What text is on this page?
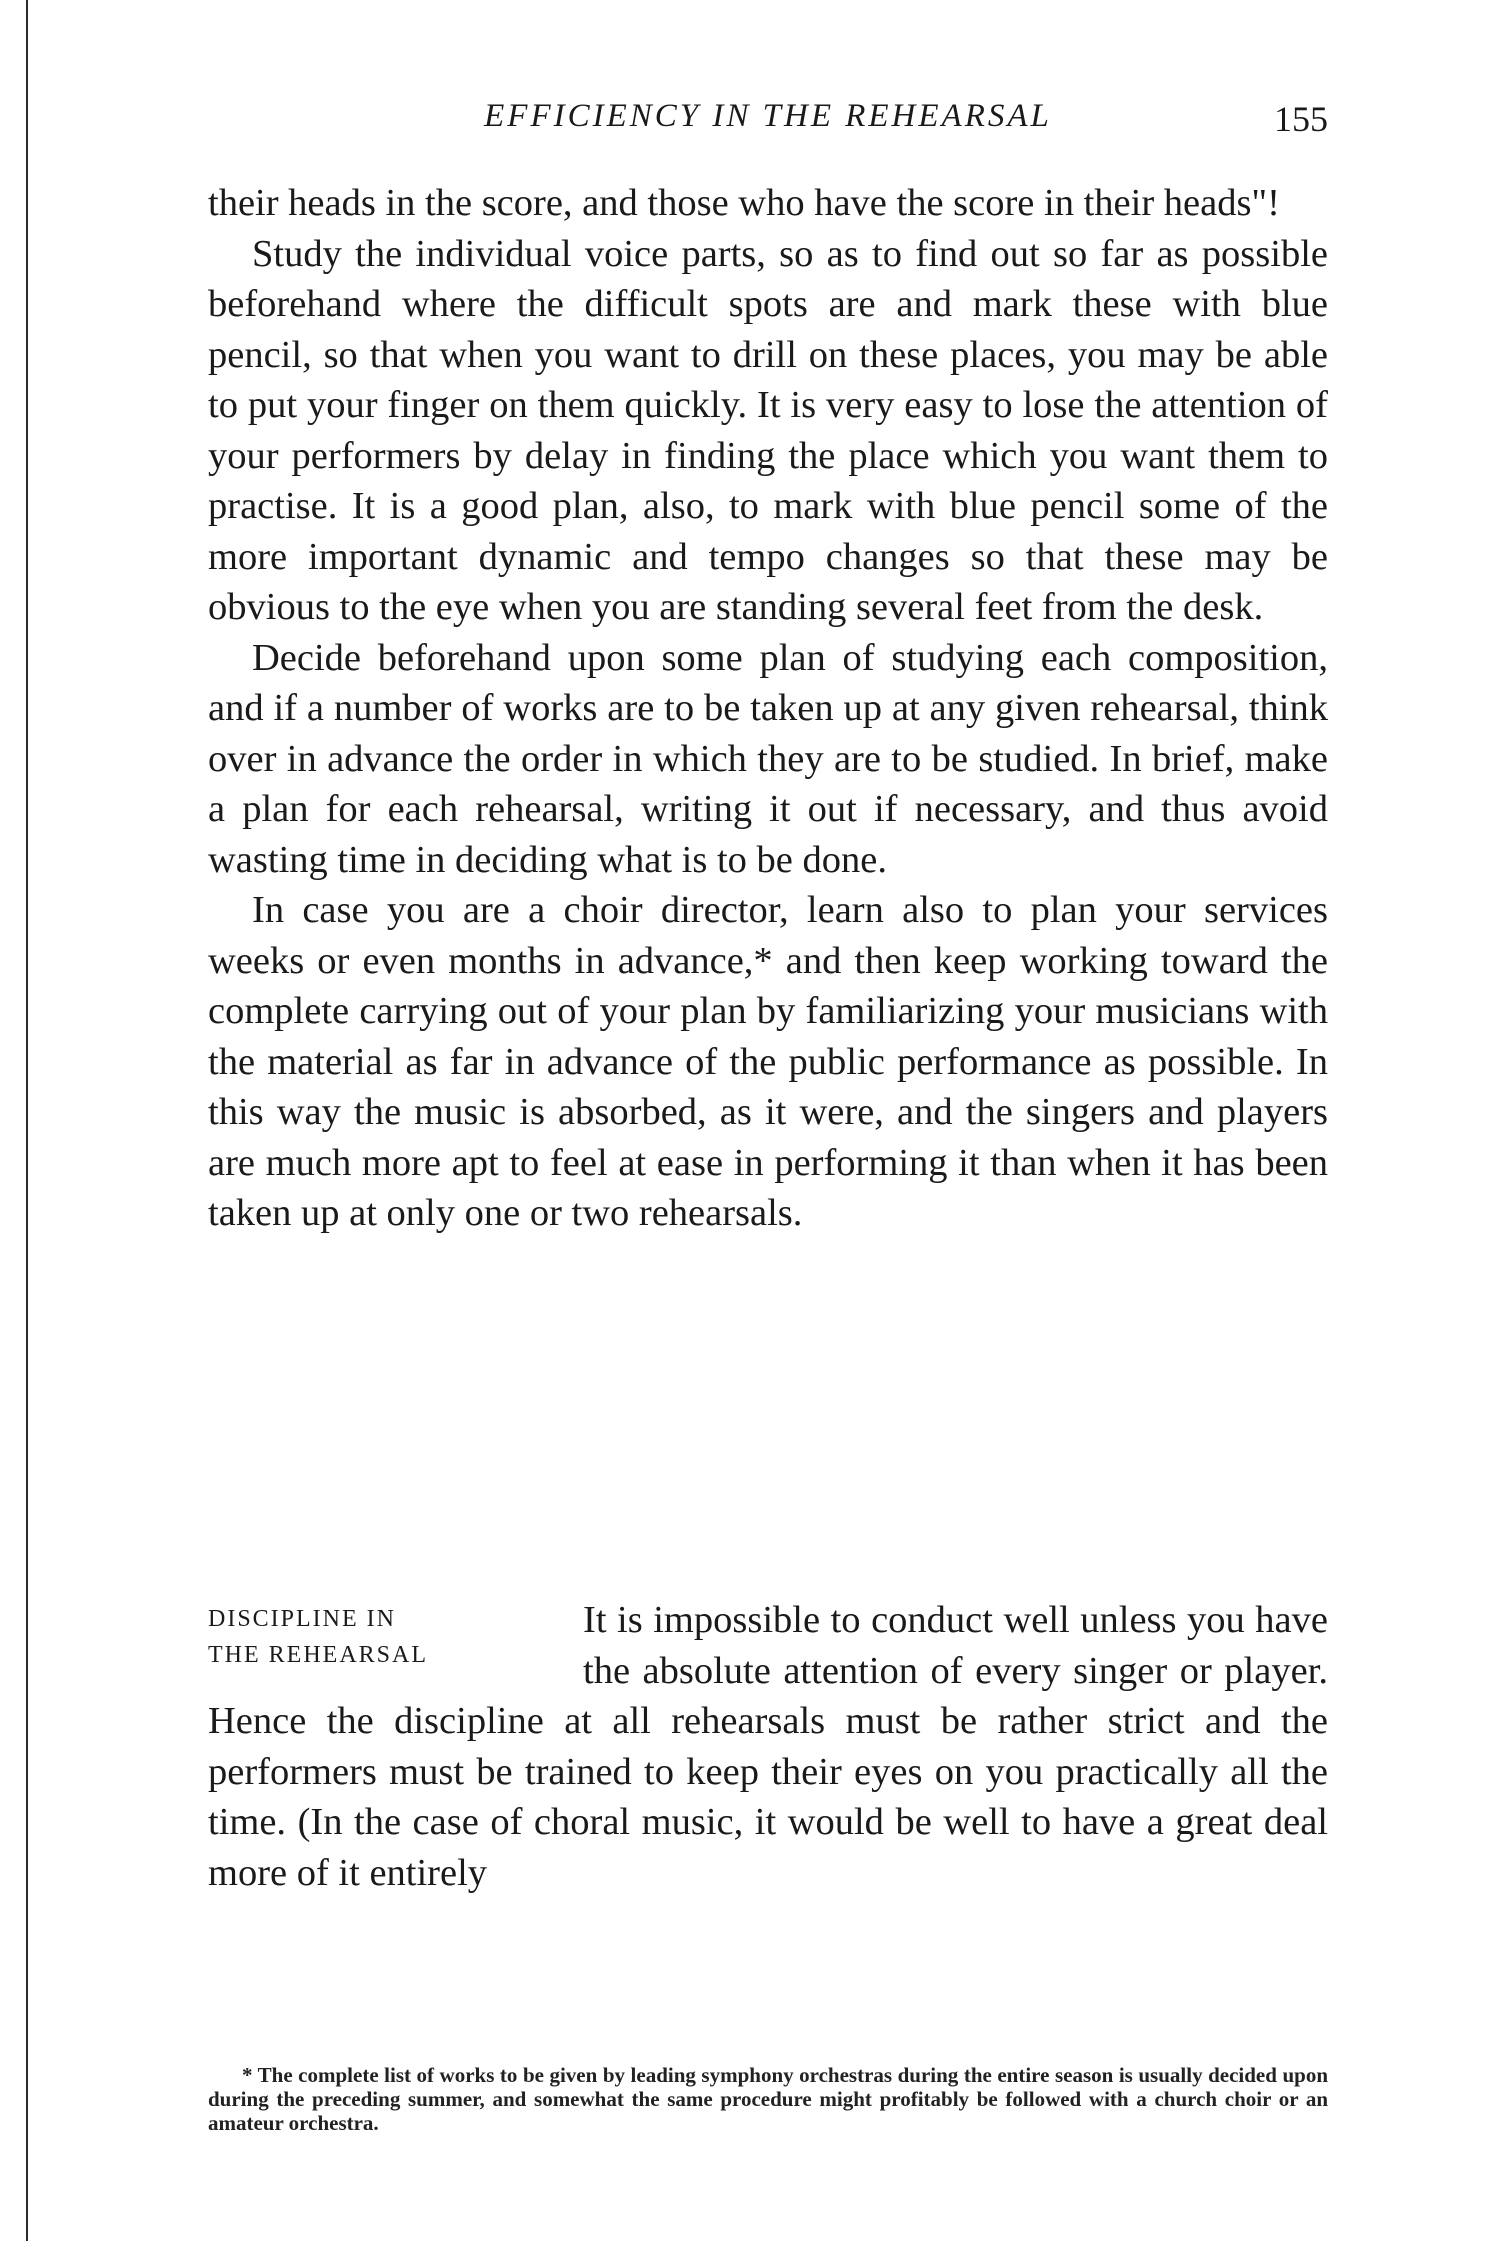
EFFICIENCY IN THE REHEARSAL	155

their heads in the score, and those who have the score in their heads"!

Study the individual voice parts, so as to find out so far as possible beforehand where the difficult spots are and mark these with blue pencil, so that when you want to drill on these places, you may be able to put your finger on them quickly. It is very easy to lose the attention of your performers by delay in finding the place which you want them to practise. It is a good plan, also, to mark with blue pencil some of the more important dynamic and tempo changes so that these may be obvious to the eye when you are standing several feet from the desk.

Decide beforehand upon some plan of studying each composition, and if a number of works are to be taken up at any given rehearsal, think over in advance the order in which they are to be studied. In brief, make a plan for each rehearsal, writing it out if necessary, and thus avoid wasting time in deciding what is to be done.

In case you are a choir director, learn also to plan your services weeks or even months in advance,* and then keep working toward the complete carrying out of your plan by familiarizing your musicians with the material as far in advance of the public performance as possible. In this way the music is absorbed, as it were, and the singers and players are much more apt to feel at ease in performing it than when it has been taken up at only one or two rehearsals.

DISCIPLINE IN
THE REHEARSAL
It is impossible to conduct well unless you have the absolute attention of every singer or player. Hence the discipline at all rehearsals must be rather strict and the performers must be trained to keep their eyes on you practically all the time. (In the case of choral music, it would be well to have a great deal more of it entirely
* The complete list of works to be given by leading symphony orchestras during the entire season is usually decided upon during the preceding summer, and somewhat the same procedure might profitably be followed with a church choir or an amateur orchestra.
